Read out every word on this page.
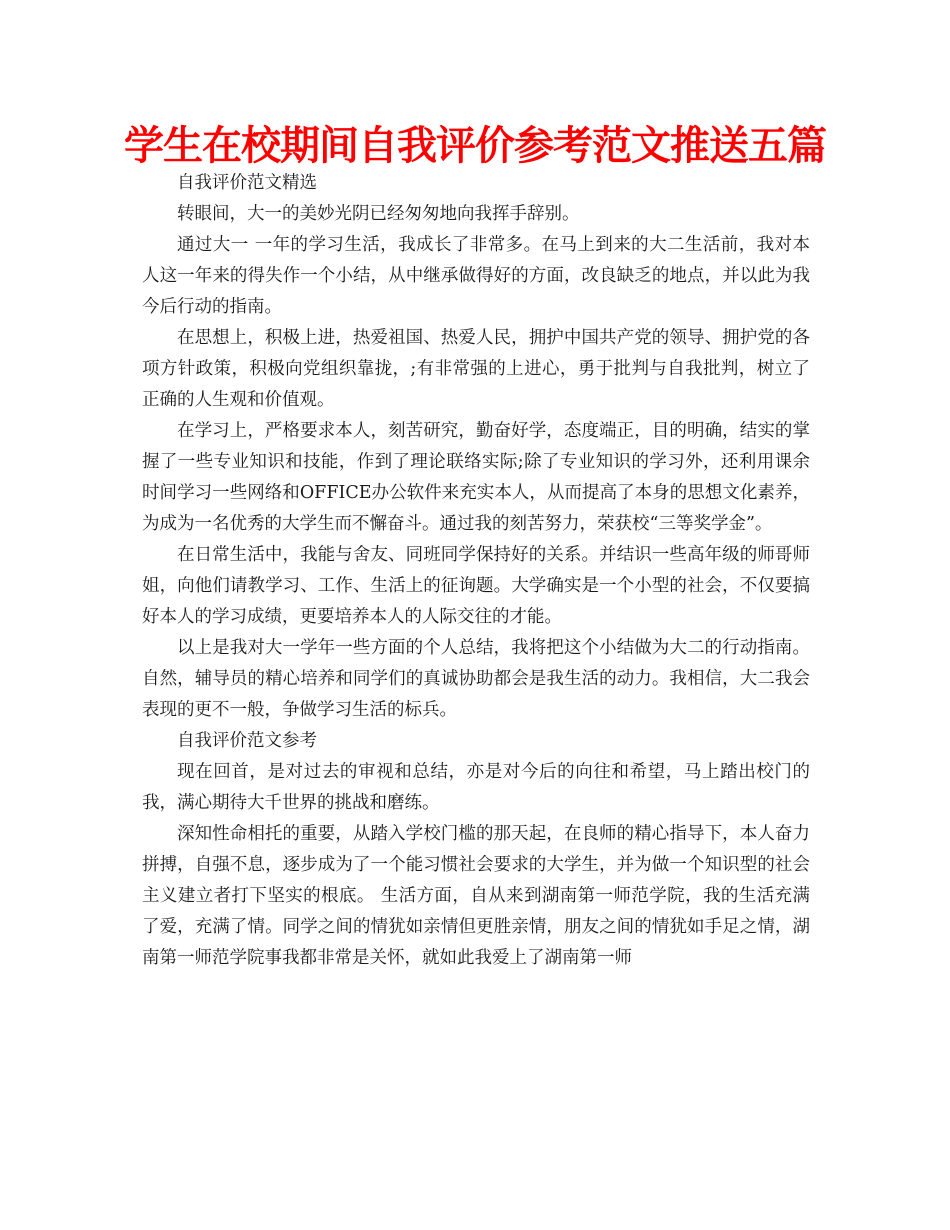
学生在校期间自我评价参考范文推送五篇

自我评价范文精选

转眼间，大一的美妙光阴已经匆匆地向我挥手辞别。

通过大一 一年的学习生活，我成长了非常多。在马上到来的大二生活前，我对本人这一年来的得失作一个小结，从中继承做得好的方面，改良缺乏的地点，并以此为我今后行动的指南。

在思想上，积极上进，热爱祖国、热爱人民，拥护中国共产党的领导、拥护党的各项方针政策，积极向党组织靠拢，;有非常强的上进心，勇于批判与自我批判，树立了正确的人生观和价值观。

在学习上，严格要求本人，刻苦研究，勤奋好学，态度端正，目的明确，结实的掌握了一些专业知识和技能，作到了理论联络实际;除了专业知识的学习外，还利用课余时间学习一些网络和OFFICE办公软件来充实本人，从而提高了本身的思想文化素养，为成为一名优秀的大学生而不懈奋斗。通过我的刻苦努力，荣获校“三等奖学金”。

在日常生活中，我能与舍友、同班同学保持好的关系。并结识一些高年级的师哥师姐，向他们请教学习、工作、生活上的征询题。大学确实是一个小型的社会，不仅要搞好本人的学习成绩，更要培养本人的人际交往的才能。

以上是我对大一学年一些方面的个人总结，我将把这个小结做为大二的行动指南。自然，辅导员的精心培养和同学们的真诚协助都会是我生活的动力。我相信，大二我会表现的更不一般，争做学习生活的标兵。

自我评价范文参考

现在回首，是对过去的审视和总结，亦是对今后的向往和希望，马上踏出校门的我，满心期待大千世界的挑战和磨练。

深知性命相托的重要，从踏入学校门槛的那天起，在良师的精心指导下，本人奋力拼搏，自强不息，逐步成为了一个能习惯社会要求的大学生，并为做一个知识型的社会主义建立者打下坚实的根底。 生活方面，自从来到湖南第一师范学院，我的生活充满了爱，充满了情。同学之间的情犹如亲情但更胜亲情，朋友之间的情犹如手足之情，湖南第一师范学院事我都非常是关怀，就如此我爱上了湖南第一师
